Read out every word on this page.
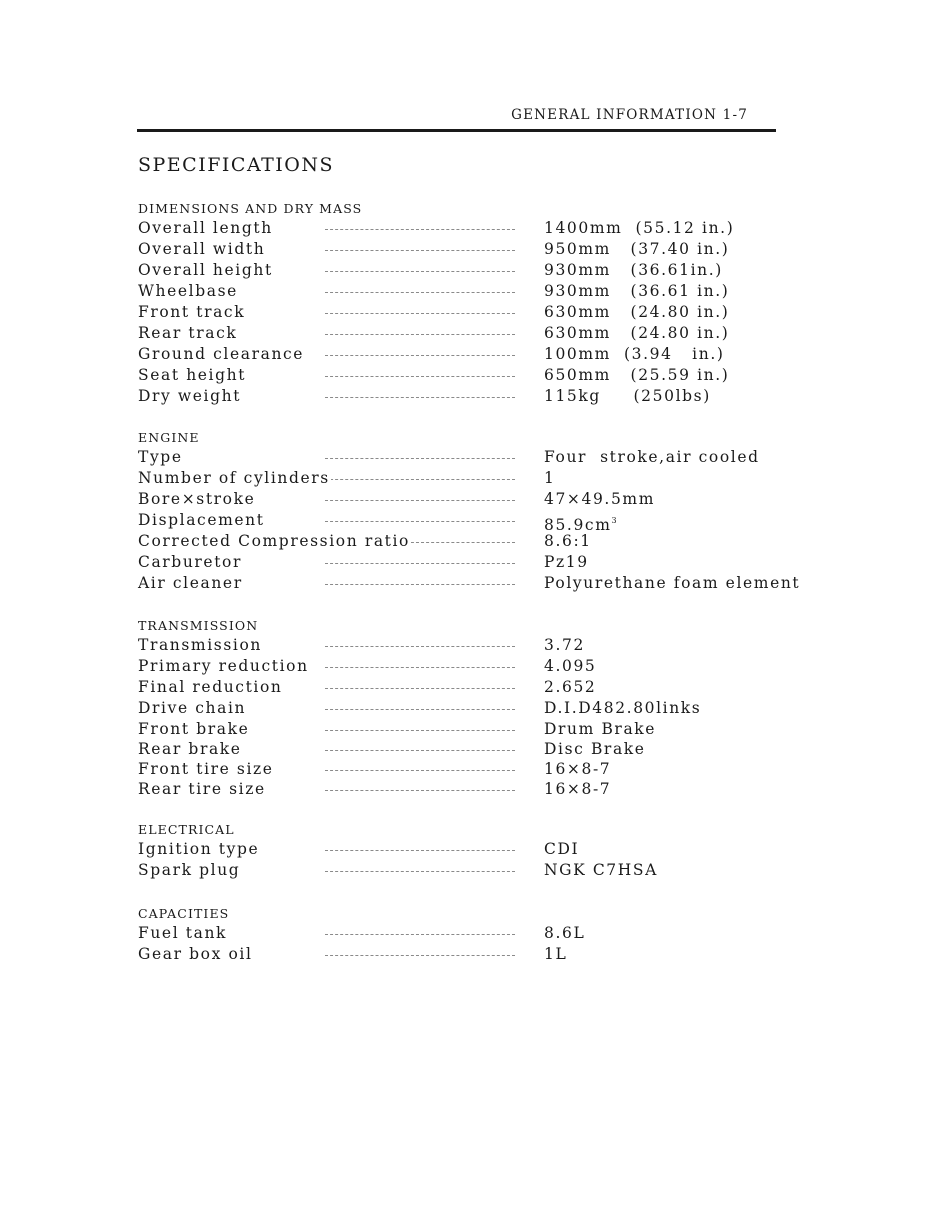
GENERAL INFORMATION 1-7
SPECIFICATIONS
DIMENSIONS AND DRY MASS
Overall length	1400mm  (55.12 in.)
Overall width	950mm   (37.40 in.)
Overall height	930mm   (36.61in.)
Wheelbase	930mm   (36.61 in.)
Front track	630mm   (24.80 in.)
Rear track	630mm   (24.80 in.)
Ground clearance	100mm  (3.94   in.)
Seat height	650mm   (25.59 in.)
Dry weight	115kg     (250lbs)
ENGINE
Type	Four  stroke,air cooled
Number of cylinders	1
Bore×stroke	47×49.5mm
Displacement	$85.9cm^3$
Corrected Compression ratio	8.6:1
Carburetor	Pz19
Air cleaner	Polyurethane foam element
TRANSMISSION
Transmission	3.72
Primary reduction	4.095
Final reduction	2.652
Drive chain	D.I.D482.80links
Front brake	Drum Brake
Rear brake	Disc Brake
Front tire size	16×8-7
Rear tire size	16×8-7
ELECTRICAL
Ignition type	CDI
Spark plug	NGK C7HSA
CAPACITIES
Fuel tank	8.6L
Gear box oil	1L
